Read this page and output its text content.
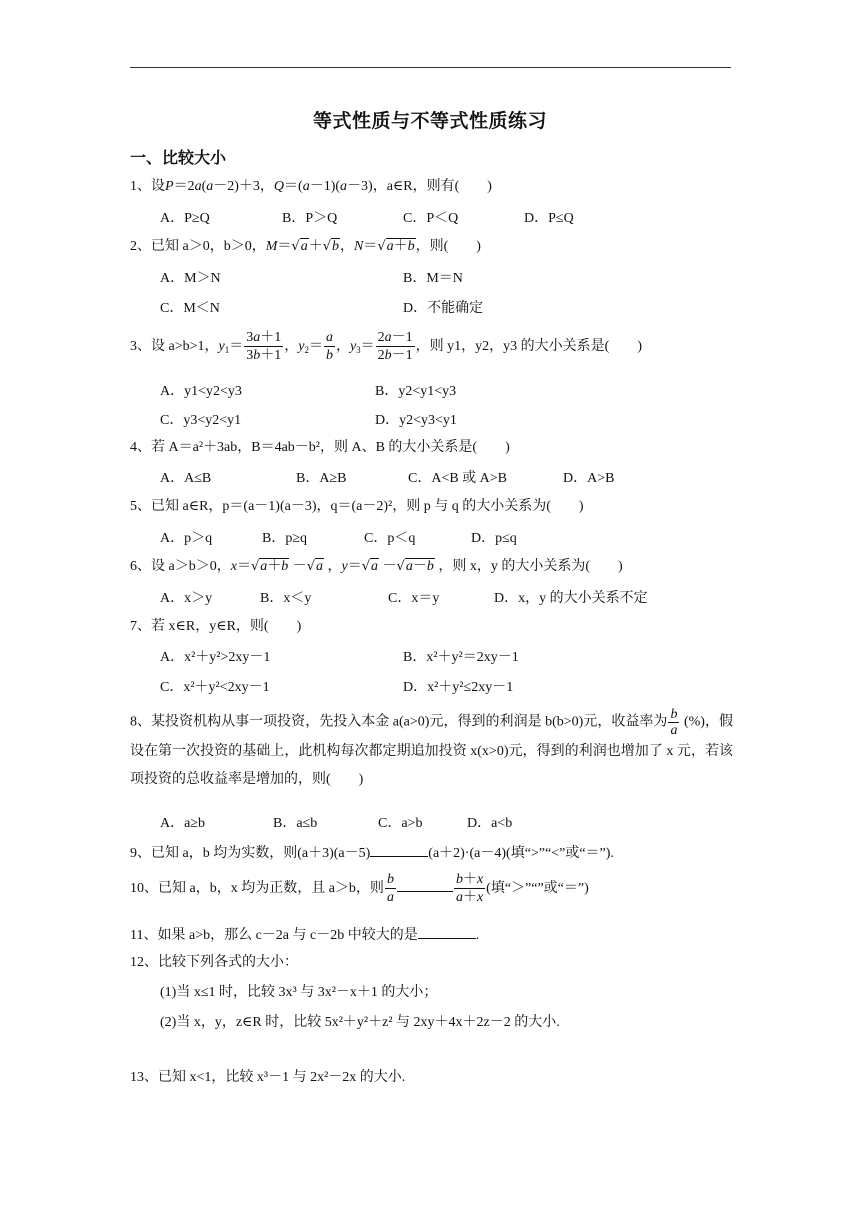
等式性质与不等式性质练习
一、比较大小
1、设P＝2a(a－2)＋3，Q＝(a－1)(a－3)，a∈R，则有(　　)
A．P≥Q	B．P＞Q	C．P＜Q	D．P≤Q
2、已知 a＞0，b＞0，M＝√a＋√b，N＝√a＋b，则(　　)
A．M＞N	B．M＝N
C．M＜N	D．不能确定
3、设 a>b>1，$y_1= \frac{3a+1}{3b+1}$ ，$y_2= \frac{a}{b}$ ，$y_3= \frac{2a-1}{2b-1}$ ，则 y1，y2，y3 的大小关系是(　　)
A．y1<y2<y3	B．y2<y1<y3
C．y3<y2<y1	D．y2<y3<y1
4、若 A＝a²＋3ab，B＝4ab－b²，则 A、B 的大小关系是(　　)
A．A≤B	B．A≥B	C．A<B 或 A>B	D．A>B
5、已知 a∈R，p＝(a－1)(a－3)，q＝(a－2)²，则 p 与 q 的大小关系为(　　)
A．p＞q	B．p≥q	C．p＜q	D．p≤q
6、设 a＞b＞0，x＝√a＋b －√a ，y＝√a －√a－b ，则 x，y 的大小关系为(　　)
A．x＞y	B．x＜y	C．x＝y	D．x，y 的大小关系不定
7、若 x∈R，y∈R，则(　　)
A．x²＋y²>2xy－1	B．x²＋y²＝2xy－1
C．x²＋y²<2xy－1	D．x²＋y²≤2xy－1
8、某投资机构从事一项投资，先投入本金 a(a>0)元，得到的利润是 b(b>0)元，收益率为 $\frac{b}{a}$ (%)，假设在第一次投资的基础上，此机构每次都定期追加投资 x(x>0)元，得到的利润也增加了 x 元，若该项投资的总收益率是增加的，则(　　)
A．a≥b	B．a≤b	C．a>b	D．a<b
9、已知 a，b 均为实数，则(a＋3)(a－5)	(a＋2)·(a－4)(填“>”“<”或“＝”).
10、已知 a，b，x 均为正数，且 a＞b，则 $\frac{b}{a}$	$\frac{b+x}{a+x}$ (填“＞”“”或“＝”)
11、如果 a>b，那么 c－2a 与 c－2b 中较大的是	.
12、比较下列各式的大小：
(1)当 x≤1 时，比较 3x³ 与 3x²－x＋1 的大小；
(2)当 x，y，z∈R 时，比较 5x²＋y²＋z² 与 2xy＋4x＋2z－2 的大小.
13、已知 x<1，比较 x³－1 与 2x²－2x 的大小.
